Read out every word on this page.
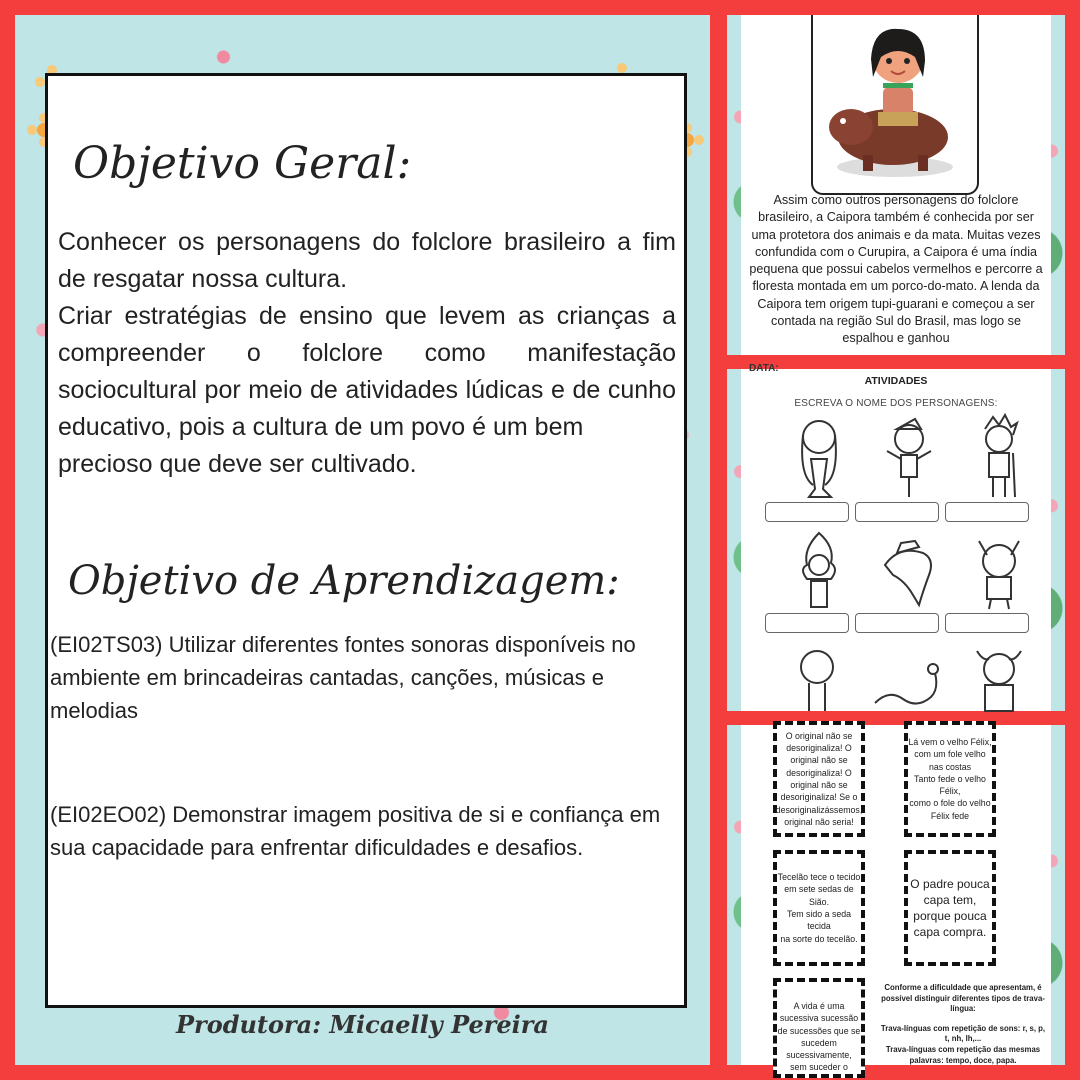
Objetivo Geral:
Conhecer os personagens do folclore brasileiro a fim de resgatar nossa cultura.
Criar estratégias de ensino que levem as crianças a compreender o folclore como manifestação sociocultural por meio de atividades lúdicas e de cunho educativo, pois a cultura de um povo é um bem
precioso que deve ser cultivado.
Objetivo de Aprendizagem:
(EI02TS03) Utilizar diferentes fontes sonoras disponíveis no ambiente em brincadeiras cantadas, canções, músicas e melodias
(EI02EO02) Demonstrar imagem positiva de si e confiança em sua capacidade para enfrentar dificuldades e desafios.
Produtora: Micaelly Pereira
Assim como outros personagens do folclore brasileiro, a Caipora também é conhecida por ser uma protetora dos animais e da mata. Muitas vezes confundida com o Curupira, a Caipora é uma índia pequena que possui cabelos vermelhos e percorre a floresta montada em um porco-do-mato. A lenda da Caipora tem origem tupi-guarani e começou a ser contada na região Sul do Brasil, mas logo se espalhou e ganhou
DATA:
ATIVIDADES
ESCREVA O NOME DOS PERSONAGENS:
O original não se desoriginaliza! O original não se desoriginaliza! O original não se desoriginaliza! Se o desoriginalizássemos, original não seria!
Lá vem o velho Félix, com um fole velho nas costas
Tanto fede o velho Félix,
como o fole do velho Félix fede
Tecelão tece o tecido
em sete sedas de Sião.
Tem sido a seda tecida
na sorte do tecelão.
O padre pouca capa tem, porque pouca capa compra.
A vida é uma sucessiva sucessão de sucessões que se sucedem sucessivamente, sem suceder o
Conforme a dificuldade que apresentam, é possível distinguir diferentes tipos de trava-língua:
Trava-línguas com repetição de sons: r, s, p, t, nh, lh,...
Trava-línguas com repetição das mesmas palavras: tempo, doce, papa.
